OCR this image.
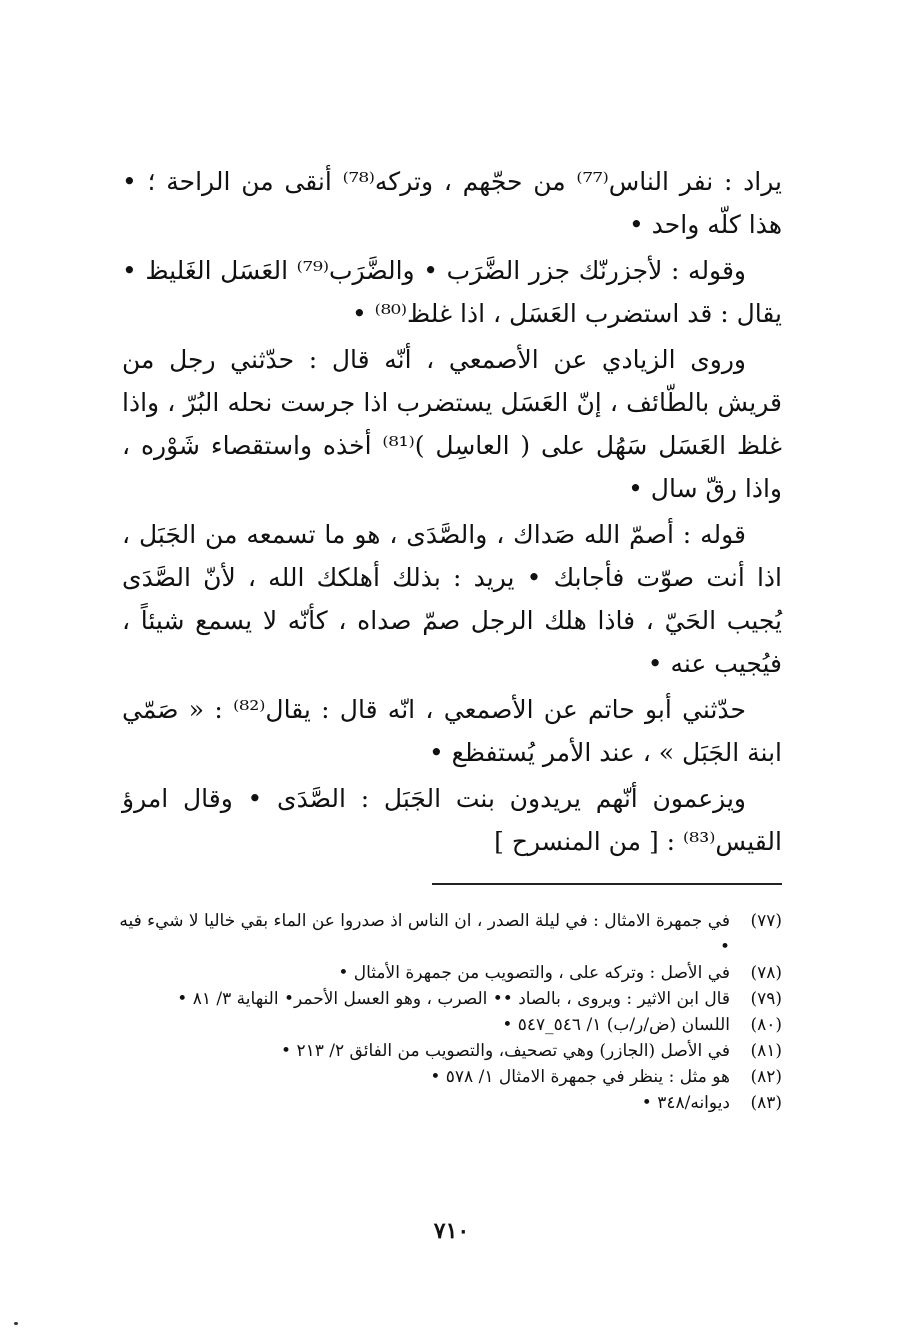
يراد : نفر الناس⁽⁷⁷⁾ من حجّهم ، وتركه⁽⁷⁸⁾ أنقى من الراحة ؛ • هذا كلّه واحد •

وقوله : لأجزرنّك جزر الضَّرَب • والضَّرَب⁽⁷⁹⁾ العَسَل الغَليظ • يقال : قد استضرب العَسَل ، اذا غلظ⁽⁸⁰⁾ •

وروى الزيادي عن الأصمعي ، أنّه قال : حدّثني رجل من قريش بالطّائف ، إنّ العَسَل يستضرب اذا جرست نحله البُرّ ، واذا غلظ العَسَل سَهُل على ( العاسِل )⁽⁸¹⁾ أخذه واستقصاء شَوْره ، واذا رقّ سال •

قوله : أصمّ الله صَداك ، والصَّدَى ، هو ما تسمعه من الجَبَل ، اذا أنت صوّت فأجابك • يريد : بذلك أهلكك الله ، لأنّ الصَّدَى يُجيب الحَيّ ، فاذا هلك الرجل صمّ صداه ، كأنّه لا يسمع شيئاً ، فيُجيب عنه •

حدّثني أبو حاتم عن الأصمعي ، انّه قال : يقال⁽⁸²⁾ : « صَمّي ابنة الجَبَل » ، عند الأمر يُستفظع •

ويزعمون أنّهم يريدون بنت الجَبَل : الصَّدَى • وقال امرؤ القيس⁽⁸³⁾ : [ من المنسرح ]

(٧٧)
في جمهرة الامثال : في ليلة الصدر ، ان الناس اذ صدروا عن الماء بقي خاليا لا شيء فيه •
(٧٨)
في الأصل : وتركه على ، والتصويب من جمهرة الأمثال •
(٧٩)
قال ابن الاثير : ويروى ، بالصاد •• الصرب ، وهو العسل الأحمر• النهاية ٣/ ٨١ •
(٨٠)
اللسان (ض/ر/ب) ١/ ٥٤٦_٥٤٧ •
(٨١)
في الأصل (الجازر) وهي تصحيف، والتصويب من الفائق ٢/ ٢١٣ •
(٨٢)
هو مثل : ينظر في جمهرة الامثال ١/ ٥٧٨ •
(٨٣)
ديوانه/٣٤٨ •
٧١٠
